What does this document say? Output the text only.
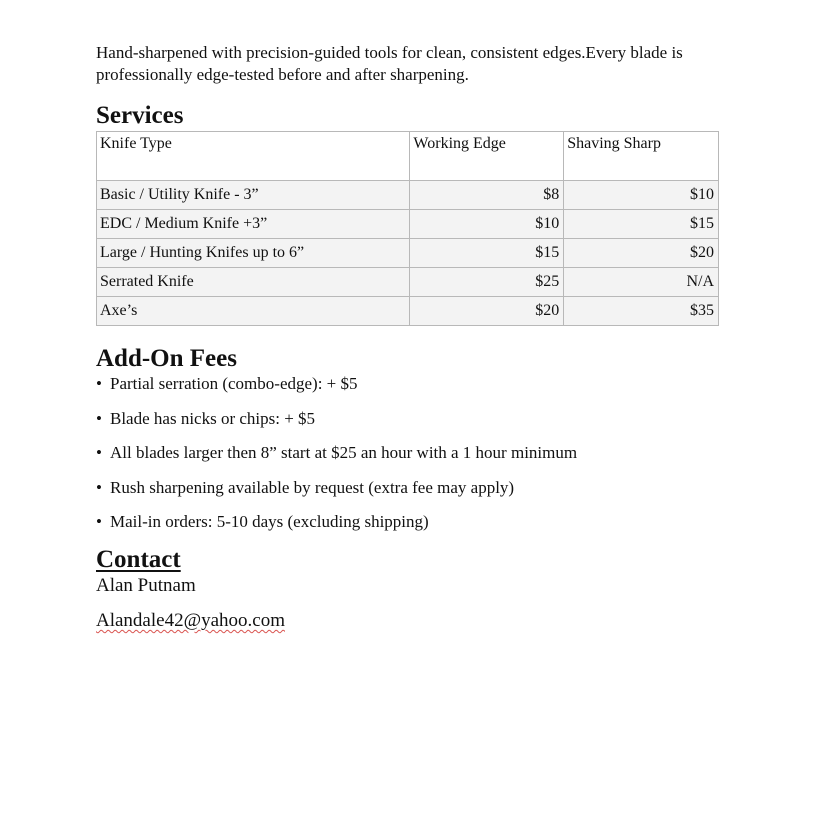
Hand-sharpened with precision-guided tools for clean, consistent edges.Every blade is professionally edge-tested before and after sharpening.

Services
Knife Type	Working Edge	Shaving Sharp
Basic / Utility Knife - 3”	$8	$10
EDC / Medium Knife +3”	$10	$15
Large / Hunting Knifes up to 6”	$15	$20
Serrated Knife	$25	N/A
Axe’s	$20	$35
Add-On Fees
• Partial serration (combo-edge): + $5
• Blade has nicks or chips: + $5
• All blades larger then 8” start at $25 an hour with a 1 hour minimum
• Rush sharpening available by request (extra fee may apply)
• Mail-in orders: 5-10 days (excluding shipping)
Contact

Alan Putnam

Alandale42@yahoo.com
